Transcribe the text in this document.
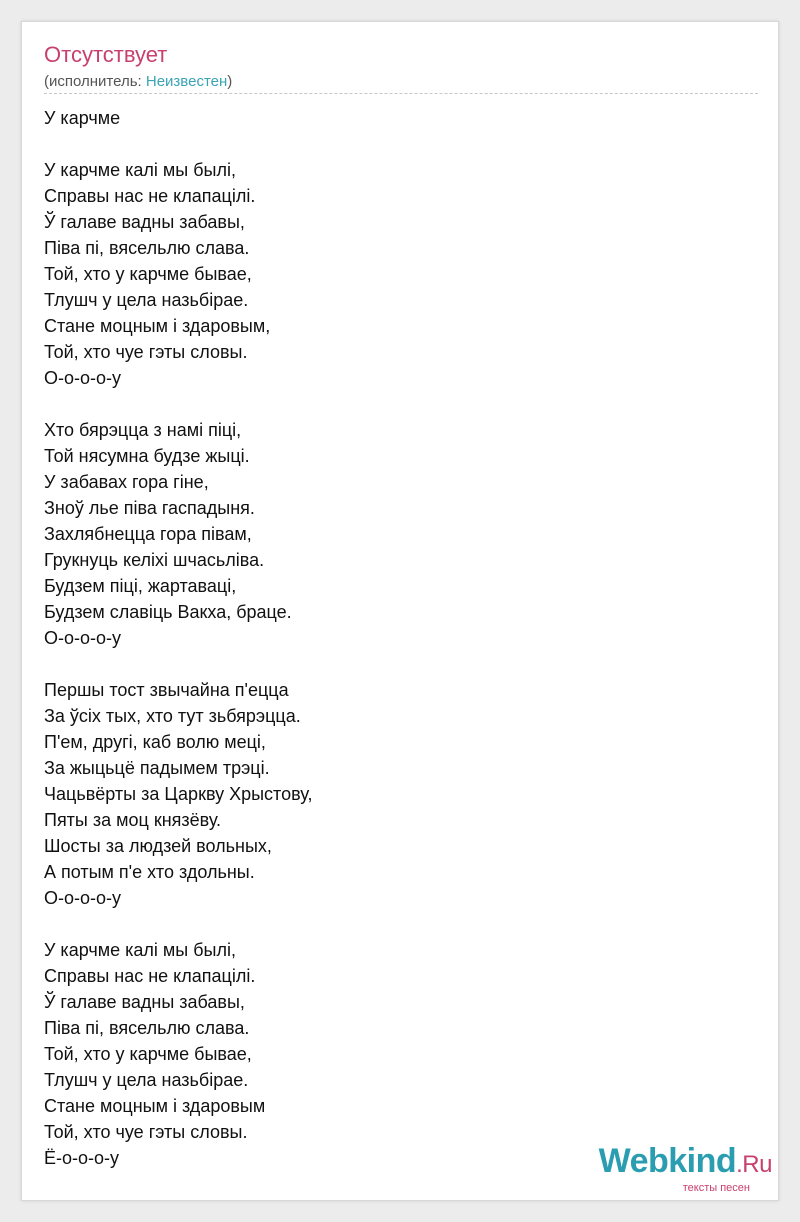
Отсутствует
(исполнитель: Неизвестен)
У карчме
У карчме калі мы былі,
Справы нас не клапацілі.
Ў галаве вадны забавы,
Піва пі, вясельлю слава.
Той, хто у карчме бывае,
Тлушч у цела назьбірае.
Стане моцным і здаровым,
Той, хто чуе гэты словы.
О-о-о-о-у
Хто бярэцца з намі піці,
Той нясумна будзе жыці.
У забавах гора гіне,
Зноў лье піва гаспадыня.
Захлябнецца гора півам,
Грукнуць келіхі шчасьліва.
Будзем піці, жартаваці,
Будзем славіць Вакха, браце.
О-о-о-о-у
Першы тост звычайна п'ецца
За ўсіх тых, хто тут зьбярэцца.
П'ем, другі, каб волю меці,
За жыцьцё падымем трэці.
Чацьвёрты за Царкву Хрыстову,
Пяты за моц князёву.
Шосты за людзей вольных,
А потым п'е хто здольны.
О-о-о-о-у
У карчме калі мы былі,
Справы нас не клапацілі.
Ў галаве вадны забавы,
Піва пі, вясельлю слава.
Той, хто у карчме бывае,
Тлушч у цела назьбірае.
Стане моцным і здаровым
Той, хто чуе гэты словы.
Ё-о-о-о-у	Webkind.Ru
тексты песен
